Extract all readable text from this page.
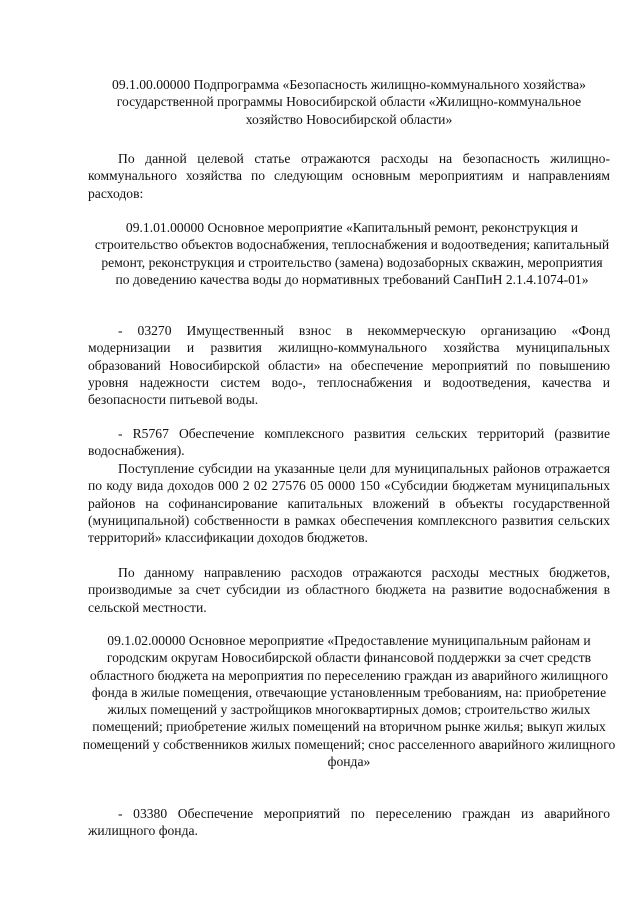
09.1.00.00000 Подпрограмма «Безопасность жилищно-коммунального хозяйства» государственной программы Новосибирской области «Жилищно-коммунальное хозяйство Новосибирской области»

По данной целевой статье отражаются расходы на безопасность жилищно-коммунального хозяйства по следующим основным мероприятиям и направлениям расходов:

09.1.01.00000 Основное мероприятие «Капитальный ремонт, реконструкция и строительство объектов водоснабжения, теплоснабжения и водоотведения; капитальный ремонт, реконструкция и строительство (замена) водозаборных скважин, мероприятия по доведению качества воды до нормативных требований СанПиН 2.1.4.1074-01»

- 03270 Имущественный взнос в некоммерческую организацию «Фонд модернизации и развития жилищно-коммунального хозяйства муниципальных образований Новосибирской области» на обеспечение мероприятий по повышению уровня надежности систем водо-, теплоснабжения и водоотведения, качества и безопасности питьевой воды.

- R5767 Обеспечение комплексного развития сельских территорий (развитие водоснабжения).

Поступление субсидии на указанные цели для муниципальных районов отражается по коду вида доходов 000 2 02 27576 05 0000 150 «Субсидии бюджетам муниципальных районов на софинансирование капитальных вложений в объекты государственной (муниципальной) собственности в рамках обеспечения комплексного развития сельских территорий» классификации доходов бюджетов.

По данному направлению расходов отражаются расходы местных бюджетов, производимые за счет субсидии из областного бюджета на развитие водоснабжения в сельской местности.

09.1.02.00000 Основное мероприятие «Предоставление муниципальным районам и городским округам Новосибирской области финансовой поддержки за счет средств областного бюджета на мероприятия по переселению граждан из аварийного жилищного фонда в жилые помещения, отвечающие установленным требованиям, на: приобретение жилых помещений у застройщиков многоквартирных домов; строительство жилых помещений; приобретение жилых помещений на вторичном рынке жилья; выкуп жилых помещений у собственников жилых помещений; снос расселенного аварийного жилищного фонда»

- 03380 Обеспечение мероприятий по переселению граждан из аварийного жилищного фонда.
